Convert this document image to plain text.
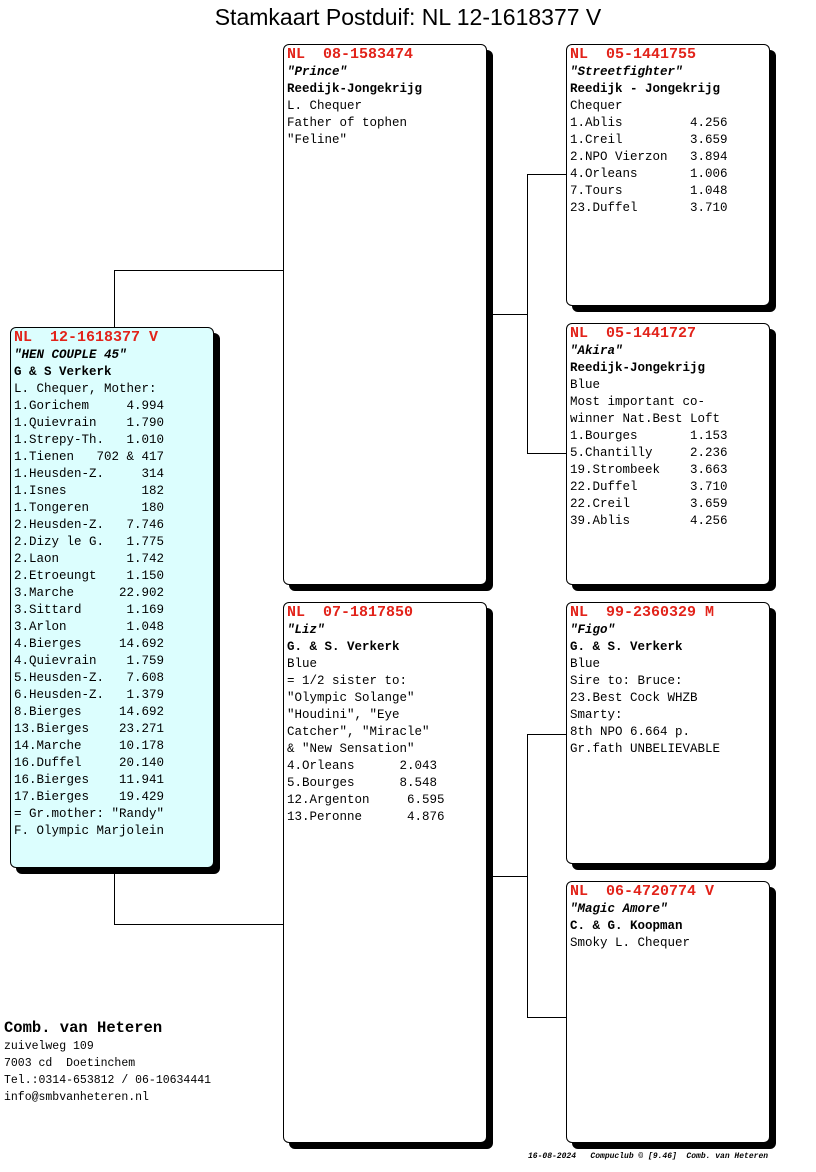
Stamkaart Postduif: NL 12-1618377 V
NL  12-1618377 V
"HEN COUPLE 45"
G & S Verkerk
L. Chequer, Mother:
1.Gorichem     4.994
1.Quievrain    1.790
1.Strepy-Th.   1.010
1.Tienen   702 & 417
1.Heusden-Z.     314
1.Isnes          182
1.Tongeren       180
2.Heusden-Z.   7.746
2.Dizy le G.   1.775
2.Laon         1.742
2.Etroeungt    1.150
3.Marche      22.902
3.Sittard      1.169
3.Arlon        1.048
4.Bierges     14.692
4.Quievrain    1.759
5.Heusden-Z.   7.608
6.Heusden-Z.   1.379
8.Bierges     14.692
13.Bierges    23.271
14.Marche     10.178
16.Duffel     20.140
16.Bierges    11.941
17.Bierges    19.429
= Gr.mother: "Randy"
F. Olympic Marjolein
NL  08-1583474
"Prince"
Reedijk-Jongekrijg
L. Chequer
Father of tophen
"Feline"
NL  07-1817850
"Liz"
G. & S. Verkerk
Blue
= 1/2 sister to:
"Olympic Solange"
"Houdini", "Eye
Catcher", "Miracle"
& "New Sensation"
4.Orleans      2.043
5.Bourges      8.548
12.Argenton     6.595
13.Peronne      4.876
NL  05-1441755
"Streetfighter"
Reedijk - Jongekrijg
Chequer
1.Ablis         4.256
1.Creil         3.659
2.NPO Vierzon   3.894
4.Orleans       1.006
7.Tours         1.048
23.Duffel       3.710
NL  05-1441727
"Akira"
Reedijk-Jongekrijg
Blue
Most important co-
winner Nat.Best Loft
1.Bourges       1.153
5.Chantilly     2.236
19.Strombeek    3.663
22.Duffel       3.710
22.Creil        3.659
39.Ablis        4.256
NL  99-2360329 M
"Figo"
G. & S. Verkerk
Blue
Sire to: Bruce:
23.Best Cock WHZB
Smarty:
8th NPO 6.664 p.
Gr.fath UNBELIEVABLE
NL  06-4720774 V
"Magic Amore"
C. & G. Koopman
Smoky L. Chequer
Comb. van Heteren
zuivelweg 109
7003 cd  Doetinchem
Tel.:0314-653812 / 06-10634441
info@smbvanheteren.nl
16-08-2024   Compuclub © [9.46]  Comb. van Heteren
